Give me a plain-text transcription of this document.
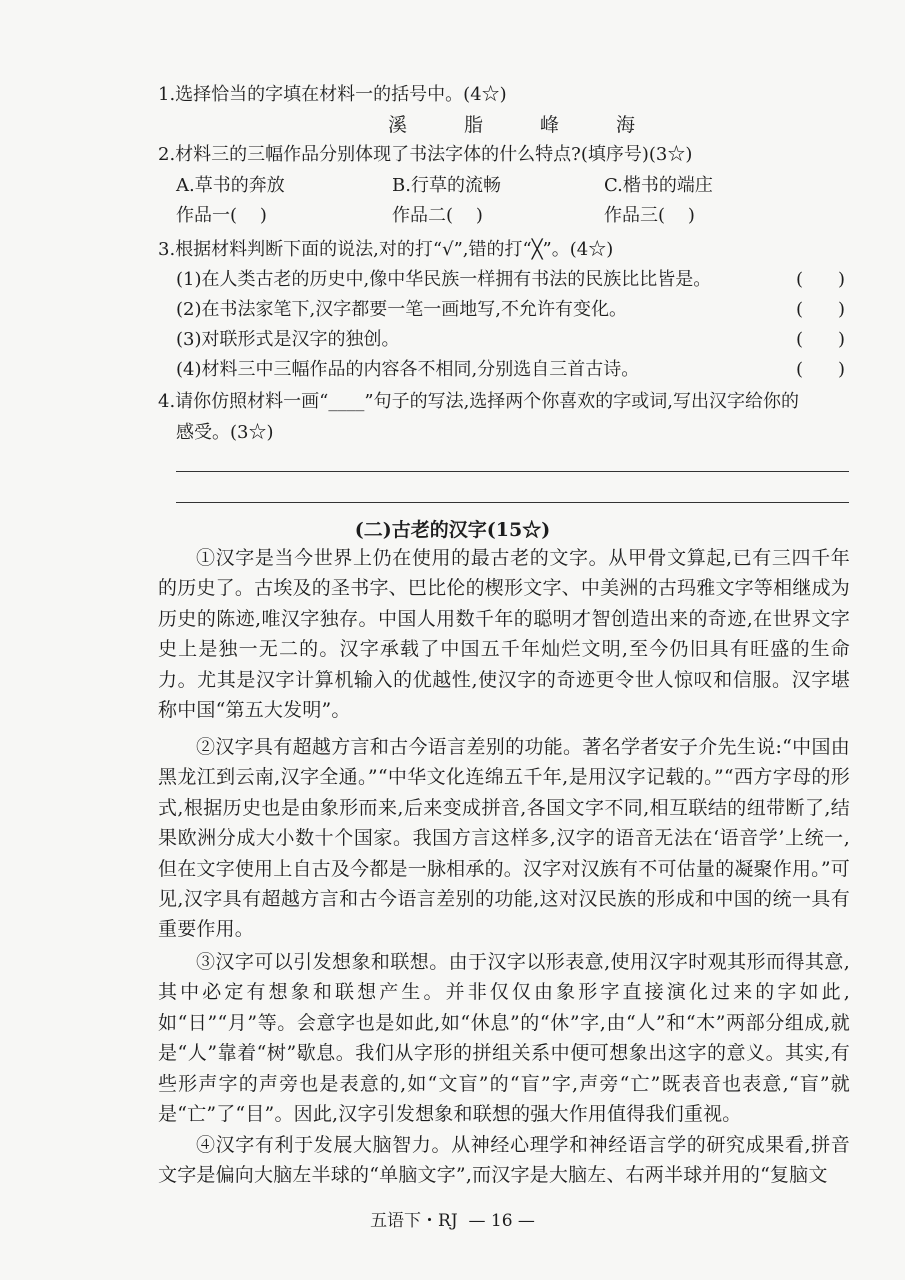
1.选择恰当的字填在材料一的括号中。(4☆)
溪	脂	峰	海
2.材料三的三幅作品分别体现了书法字体的什么特点?(填序号)(3☆)
A.草书的奔放	B.行草的流畅	C.楷书的端庄
作品一(    )	作品二(    )	作品三(    )
3.根据材料判断下面的说法,对的打“√”,错的打“╳”。(4☆)
(1)在人类古老的历史中,像中华民族一样拥有书法的民族比比皆是。	( )
(2)在书法家笔下,汉字都要一笔一画地写,不允许有变化。	( )
(3)对联形式是汉字的独创。	( )
(4)材料三中三幅作品的内容各不相同,分别选自三首古诗。	( )
4.请你仿照材料一画“____”句子的写法,选择两个你喜欢的字或词,写出汉字给你的
感受。(3☆)
(二)古老的汉字(15☆)
①汉字是当今世界上仍在使用的最古老的文字。从甲骨文算起,已有三四千年的历史了。古埃及的圣书字、巴比伦的楔形文字、中美洲的古玛雅文字等相继成为历史的陈迹,唯汉字独存。中国人用数千年的聪明才智创造出来的奇迹,在世界文字史上是独一无二的。汉字承载了中国五千年灿烂文明,至今仍旧具有旺盛的生命力。尤其是汉字计算机输入的优越性,使汉字的奇迹更令世人惊叹和信服。汉字堪称中国“第五大发明”。
②汉字具有超越方言和古今语言差别的功能。著名学者安子介先生说:“中国由黑龙江到云南,汉字全通。”“中华文化连绵五千年,是用汉字记载的。”“西方字母的形式,根据历史也是由象形而来,后来变成拼音,各国文字不同,相互联结的纽带断了,结果欧洲分成大小数十个国家。我国方言这样多,汉字的语音无法在‘语音学’上统一,但在文字使用上自古及今都是一脉相承的。汉字对汉族有不可估量的凝聚作用。”可见,汉字具有超越方言和古今语言差别的功能,这对汉民族的形成和中国的统一具有重要作用。
③汉字可以引发想象和联想。由于汉字以形表意,使用汉字时观其形而得其意,其中必定有想象和联想产生。并非仅仅由象形字直接演化过来的字如此,如“日”“月”等。会意字也是如此,如“休息”的“休”字,由“人”和“木”两部分组成,就是“人”靠着“树”歇息。我们从字形的拼组关系中便可想象出这字的意义。其实,有些形声字的声旁也是表意的,如“文盲”的“盲”字,声旁“亡”既表音也表意,“盲”就是“亡”了“目”。因此,汉字引发想象和联想的强大作用值得我们重视。
④汉字有利于发展大脑智力。从神经心理学和神经语言学的研究成果看,拼音文字是偏向大脑左半球的“单脑文字”,而汉字是大脑左、右两半球并用的“复脑文
五语下・RJ  — 16 —
